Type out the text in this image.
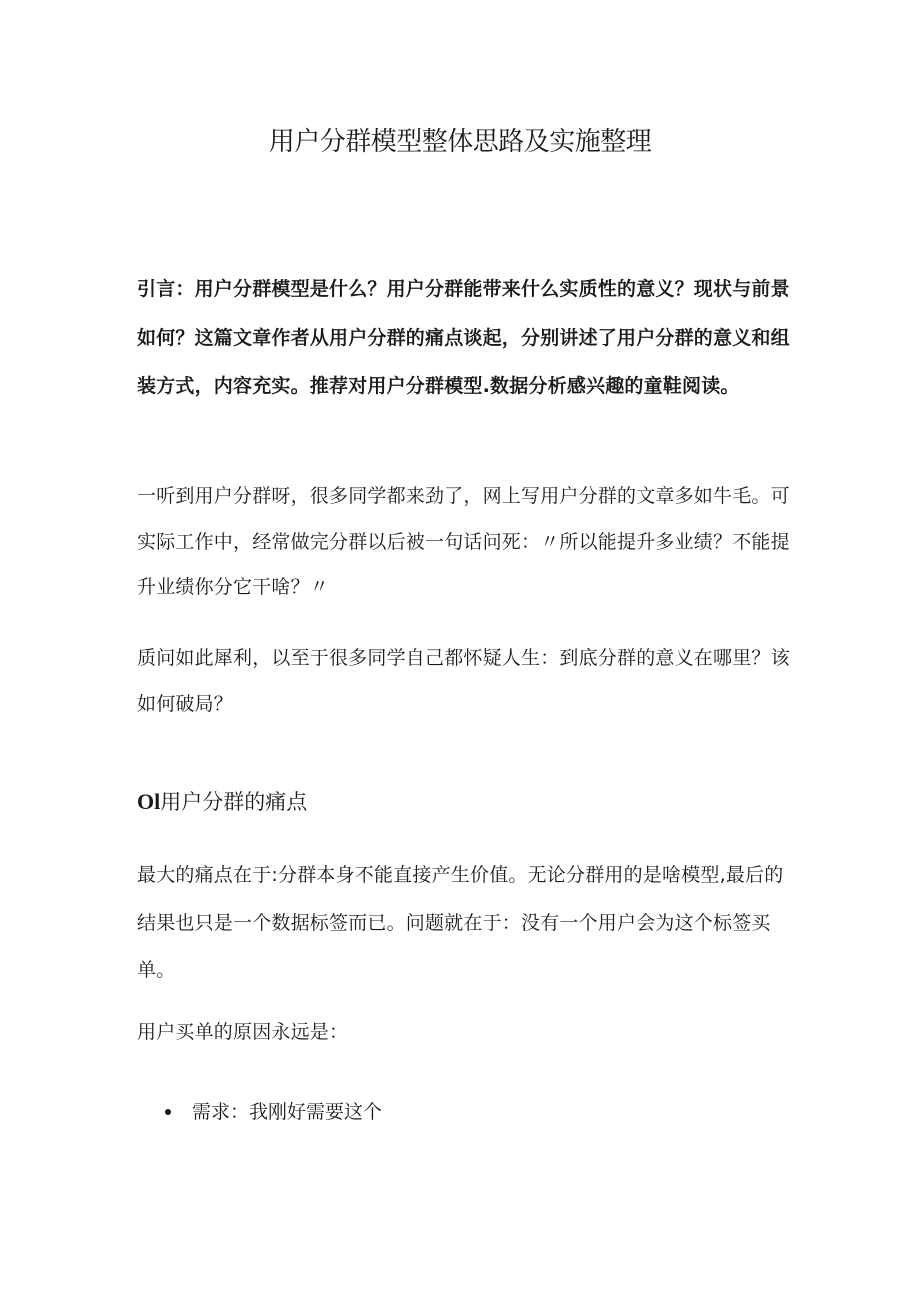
用户分群模型整体思路及实施整理

引言：用户分群模型是什么？用户分群能带来什么实质性的意义？现状与前景如何？这篇文章作者从用户分群的痛点谈起，分别讲述了用户分群的意义和组装方式，内容充实。推荐对用户分群模型.数据分析感兴趣的童鞋阅读。

一听到用户分群呀，很多同学都来劲了，网上写用户分群的文章多如牛毛。可实际工作中，经常做完分群以后被一句话问死：〃所以能提升多业绩？不能提升业绩你分它干啥？〃

质问如此犀利，以至于很多同学自己都怀疑人生：到底分群的意义在哪里？该如何破局？

Ol用户分群的痛点

最大的痛点在于:分群本身不能直接产生价值。无论分群用的是啥模型,最后的结果也只是一个数据标签而已。问题就在于：没有一个用户会为这个标签买单。

用户买单的原因永远是：

需求：我刚好需要这个
